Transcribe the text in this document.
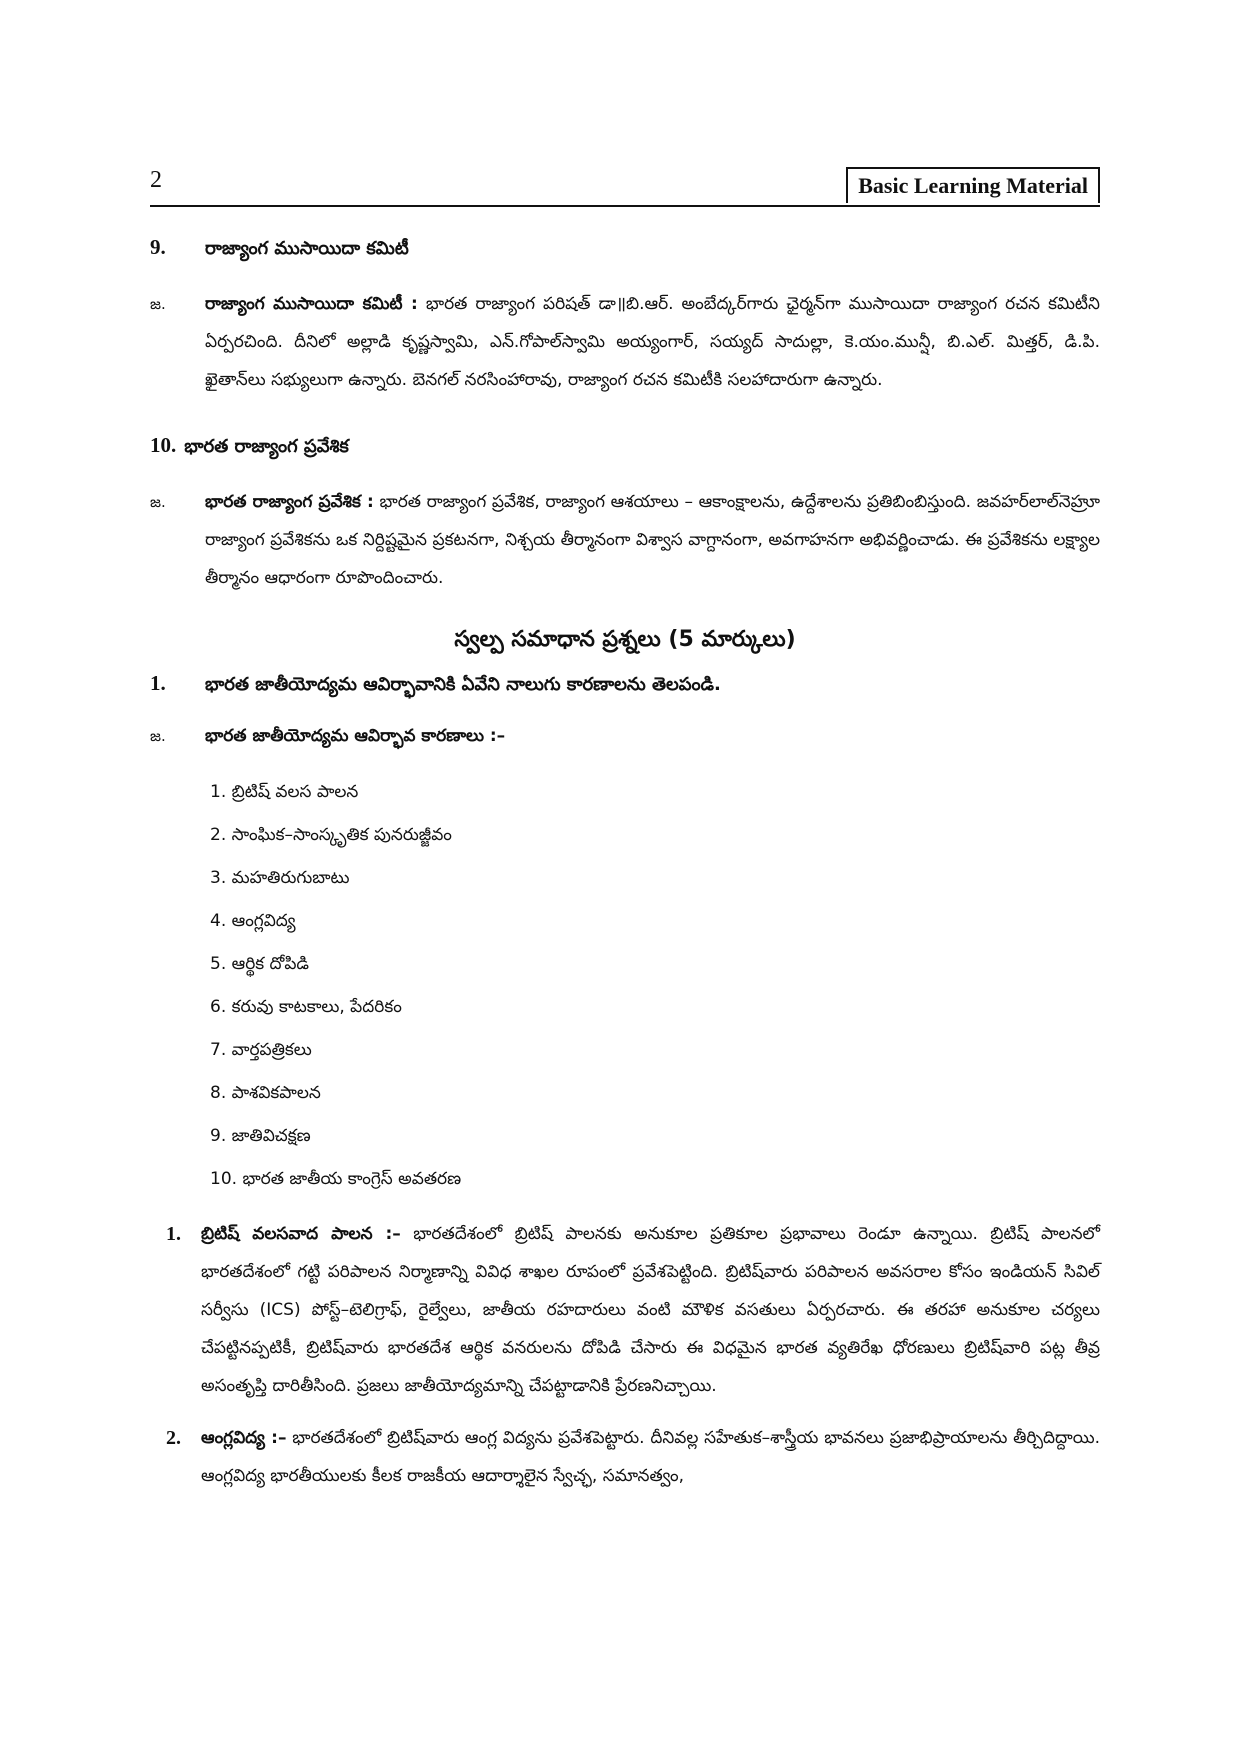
2	Basic Learning Material
9.	రాజ్యాంగ ముసాయిదా కమిటీ
జ.	రాజ్యాంగ ముసాయిదా కమిటీ : భారత రాజ్యాంగ పరిషత్ డా॥బి.ఆర్. అంబేద్కర్‌గారు ఛైర్మన్‌గా ముసాయిదా రాజ్యాంగ రచన కమిటీని ఏర్పరచింది. దీనిలో అల్లాడి కృష్ణస్వామి, ఎన్.గోపాల్‌స్వామి అయ్యంగార్, సయ్యద్ సాదుల్లా, కె.యం.మున్షీ, బి.ఎల్. మిత్తర్, డి.పి. ఖైతాన్‌లు సభ్యులుగా ఉన్నారు. బెనగల్ నరసింహారావు, రాజ్యాంగ రచన కమిటీకి సలహాదారుగా ఉన్నారు.
10. భారత రాజ్యాంగ ప్రవేశిక
జ.	భారత రాజ్యాంగ ప్రవేశిక : భారత రాజ్యాంగ ప్రవేశిక, రాజ్యాంగ ఆశయాలు – ఆకాంక్షాలను, ఉద్దేశాలను ప్రతిబింబిస్తుంది. జవహర్‌లాల్‌నెహ్రూ రాజ్యాంగ ప్రవేశికను ఒక నిర్దిష్టమైన ప్రకటనగా, నిశ్చయ తీర్మానంగా విశ్వాస వాగ్దానంగా, అవగాహనగా అభివర్ణించాడు. ఈ ప్రవేశికను లక్ష్యాల తీర్మానం ఆధారంగా రూపొందించారు.
స్వల్ప సమాధాన ప్రశ్నలు (5 మార్కులు)
1.	భారత జాతీయోద్యమ ఆవిర్భావానికి ఏవేని నాలుగు కారణాలను తెలపండి.
జ.	భారత జాతీయోద్యమ ఆవిర్భావ కారణాలు :–
1. బ్రిటిష్ వలస పాలన
2. సాంఘిక–సాంస్కృతిక పునరుజ్జీవం
3. మహతిరుగుబాటు
4. ఆంగ్లవిద్య
5. ఆర్థిక దోపిడి
6. కరువు కాటకాలు, పేదరికం
7. వార్తపత్రికలు
8. పాశవికపాలన
9. జాతివిచక్షణ
10. భారత జాతీయ కాంగ్రెస్ అవతరణ
1.	బ్రిటిష్ వలసవాద పాలన :– భారతదేశంలో బ్రిటిష్ పాలనకు అనుకూల ప్రతికూల ప్రభావాలు రెండూ ఉన్నాయి. బ్రిటిష్ పాలనలో భారతదేశంలో గట్టి పరిపాలన నిర్మాణాన్ని వివిధ శాఖల రూపంలో ప్రవేశపెట్టింది. బ్రిటిష్‌వారు పరిపాలన అవసరాల కోసం ఇండియన్ సివిల్ సర్వీసు (ICS) పోస్ట్–టెలిగ్రాఫ్, రైల్వేలు, జాతీయ రహదారులు వంటి మౌళిక వసతులు ఏర్పరచారు. ఈ తరహా అనుకూల చర్యలు చేపట్టినప్పటికీ, బ్రిటిష్‌వారు భారతదేశ ఆర్థిక వనరులను దోపిడి చేసారు ఈ విధమైన భారత వ్యతిరేఖ ధోరణులు బ్రిటిష్‌వారి పట్ల తీవ్ర అసంతృప్తి దారితీసింది. ప్రజలు జాతీయోద్యమాన్ని చేపట్టాడానికి ప్రేరణనిచ్చాయి.
2.	ఆంగ్లవిద్య :– భారతదేశంలో బ్రిటిష్‌వారు ఆంగ్ల విద్యను ప్రవేశపెట్టారు. దీనివల్ల సహేతుక–శాస్త్రీయ భావనలు ప్రజాభిప్రాయాలను తీర్చిదిద్దాయి. ఆంగ్లవిద్య భారతీయులకు కీలక రాజకీయ ఆదార్శాలైన స్వేచ్ఛ, సమానత్వం,
